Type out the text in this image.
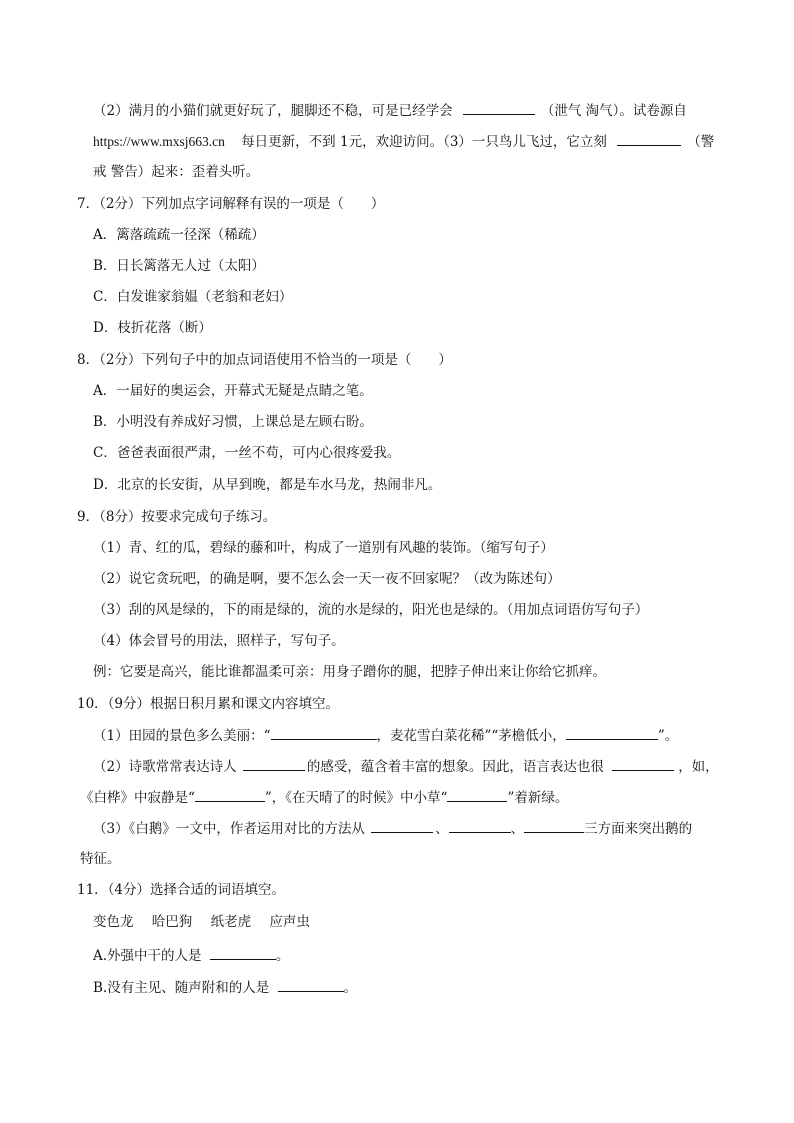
（2）满月的小猫们就更好玩了，腿脚还不稳，可是已经学会	（泄气 淘气）。试卷源自
https://www.mxsj663.cn 每日更新，不到 1元，欢迎访问。（3）一只鸟儿飞过，它立刻	（警
戒 警告）起来：歪着头听。
7．（2分）下列加点字词解释有误的一项是（　　）
A．篱落疏疏一径深（稀疏）
B．日长篱落无人过（太阳）
C．白发谁家翁媪（老翁和老妇）
D．枝折花落（断）
8．（2分）下列句子中的加点词语使用不恰当的一项是（　　）
A．一届好的奥运会，开幕式无疑是点睛之笔。
B．小明没有养成好习惯，上课总是左顾右盼。
C．爸爸表面很严肃，一丝不苟，可内心很疼爱我。
D．北京的长安街，从早到晚，都是车水马龙，热闹非凡。
9．（8分）按要求完成句子练习。
（1）青、红的瓜，碧绿的藤和叶，构成了一道别有风趣的装饰。（缩写句子）
（2）说它贪玩吧，的确是啊，要不怎么会一天一夜不回家呢？（改为陈述句）
（3）刮的风是绿的，下的雨是绿的，流的水是绿的，阳光也是绿的。（用加点词语仿写句子）
（4）体会冒号的用法，照样子，写句子。
例：它要是高兴，能比谁都温柔可亲：用身子蹭你的腿，把脖子伸出来让你给它抓痒。
10．（9分）根据日积月累和课文内容填空。
（1）田园的景色多么美丽：“	，麦花雪白菜花稀”“茅檐低小，	”。
（2）诗歌常常表达诗人	的感受，蕴含着丰富的想象。因此，语言表达也很	，如，
《白桦》中寂静是“	”，《在天晴了的时候》中小草“	”着新绿。
（3）《白鹅》一文中，作者运用对比的方法从	、	、	三方面来突出鹅的
特征。
11．（4分）选择合适的词语填空。
变色龙 哈巴狗 纸老虎 应声虫
A.外强中干的人是	。
B.没有主见、随声附和的人是	。
